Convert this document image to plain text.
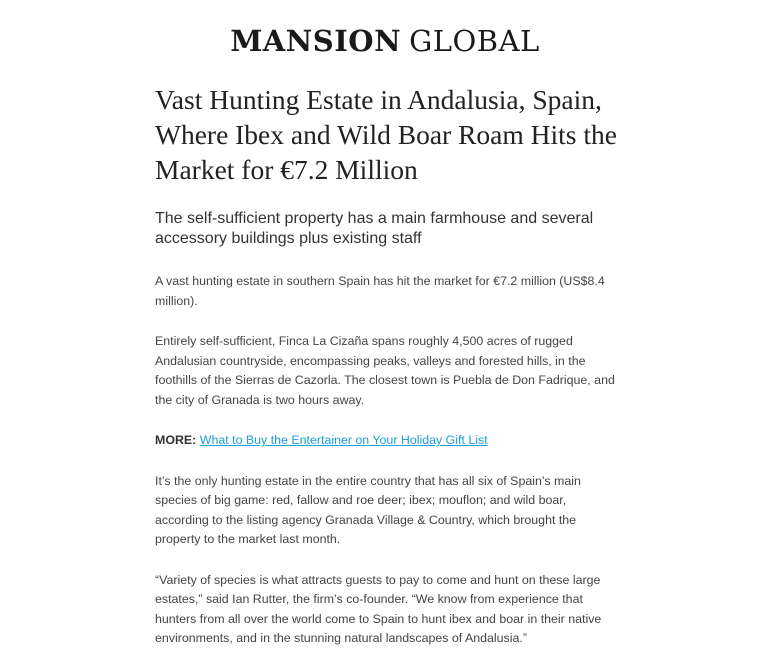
MANSION GLOBAL
Vast Hunting Estate in Andalusia, Spain, Where Ibex and Wild Boar Roam Hits the Market for €7.2 Million
The self-sufficient property has a main farmhouse and several accessory buildings plus existing staff

A vast hunting estate in southern Spain has hit the market for €7.2 million (US$8.4 million).

Entirely self-sufficient, Finca La Cizaña spans roughly 4,500 acres of rugged Andalusian countryside, encompassing peaks, valleys and forested hills, in the foothills of the Sierras de Cazorla. The closest town is Puebla de Don Fadrique, and the city of Granada is two hours away.

MORE: What to Buy the Entertainer on Your Holiday Gift List

It’s the only hunting estate in the entire country that has all six of Spain’s main species of big game: red, fallow and roe deer; ibex; mouflon; and wild boar, according to the listing agency Granada Village & Country, which brought the property to the market last month.

“Variety of species is what attracts guests to pay to come and hunt on these large estates,” said Ian Rutter, the firm’s co-founder. “We know from experience that hunters from all over the world come to Spain to hunt ibex and boar in their native environments, and in the stunning natural landscapes of Andalusia.”
